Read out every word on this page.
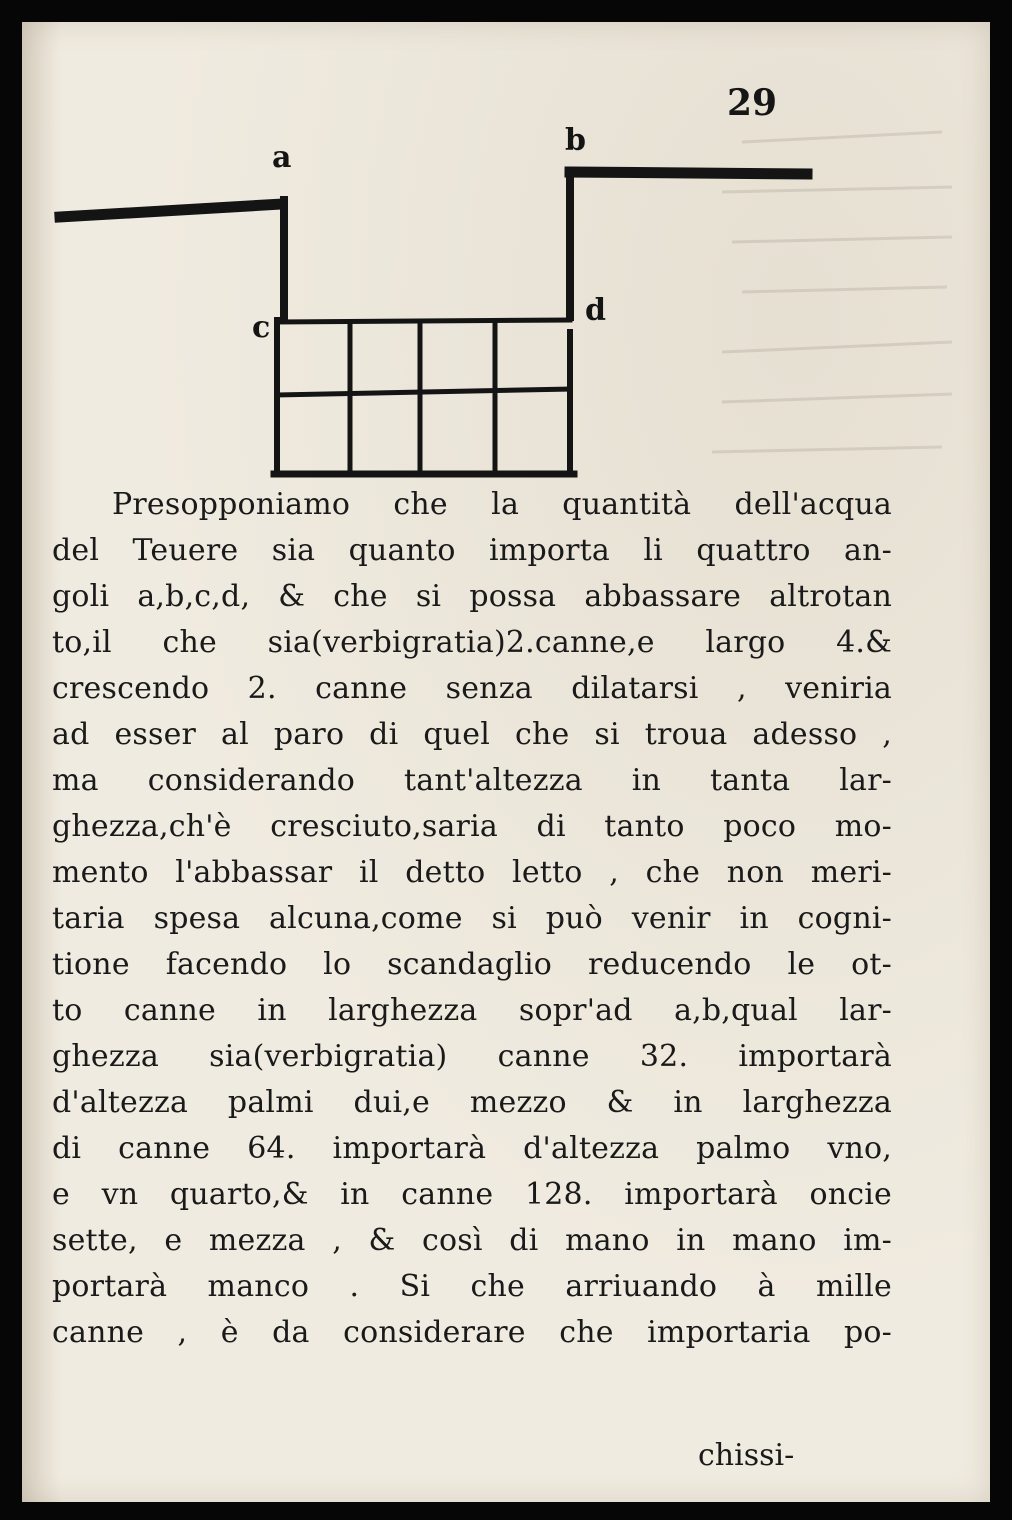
29
a	b
c	d
Presopponiamo che la quantità dell'acqua
del Teuere sia quanto importa li quattro an-
goli a,b,c,d, & che si possa abbassare altrotan
to,il che sia(verbigratia)2.canne,e largo 4.&
crescendo 2. canne senza dilatarsi , veniria
ad esser al paro di quel che si troua adesso ,
ma considerando tant'altezza in tanta lar-
ghezza,ch'è cresciuto,saria di tanto poco mo-
mento l'abbassar il detto letto , che non meri-
taria spesa alcuna,come si può venir in cogni-
tione facendo lo scandaglio reducendo le ot-
to canne in larghezza sopr'ad a,b,qual lar-
ghezza sia(verbigratia) canne 32. importarà
d'altezza palmi dui,e mezzo & in larghezza
di canne 64. importarà d'altezza palmo vno,
e vn quarto,& in canne 128. importarà oncie
sette, e mezza , & così di mano in mano im-
portarà manco . Si che arriuando à mille
canne , è da considerare che importaria po-
chissi-
